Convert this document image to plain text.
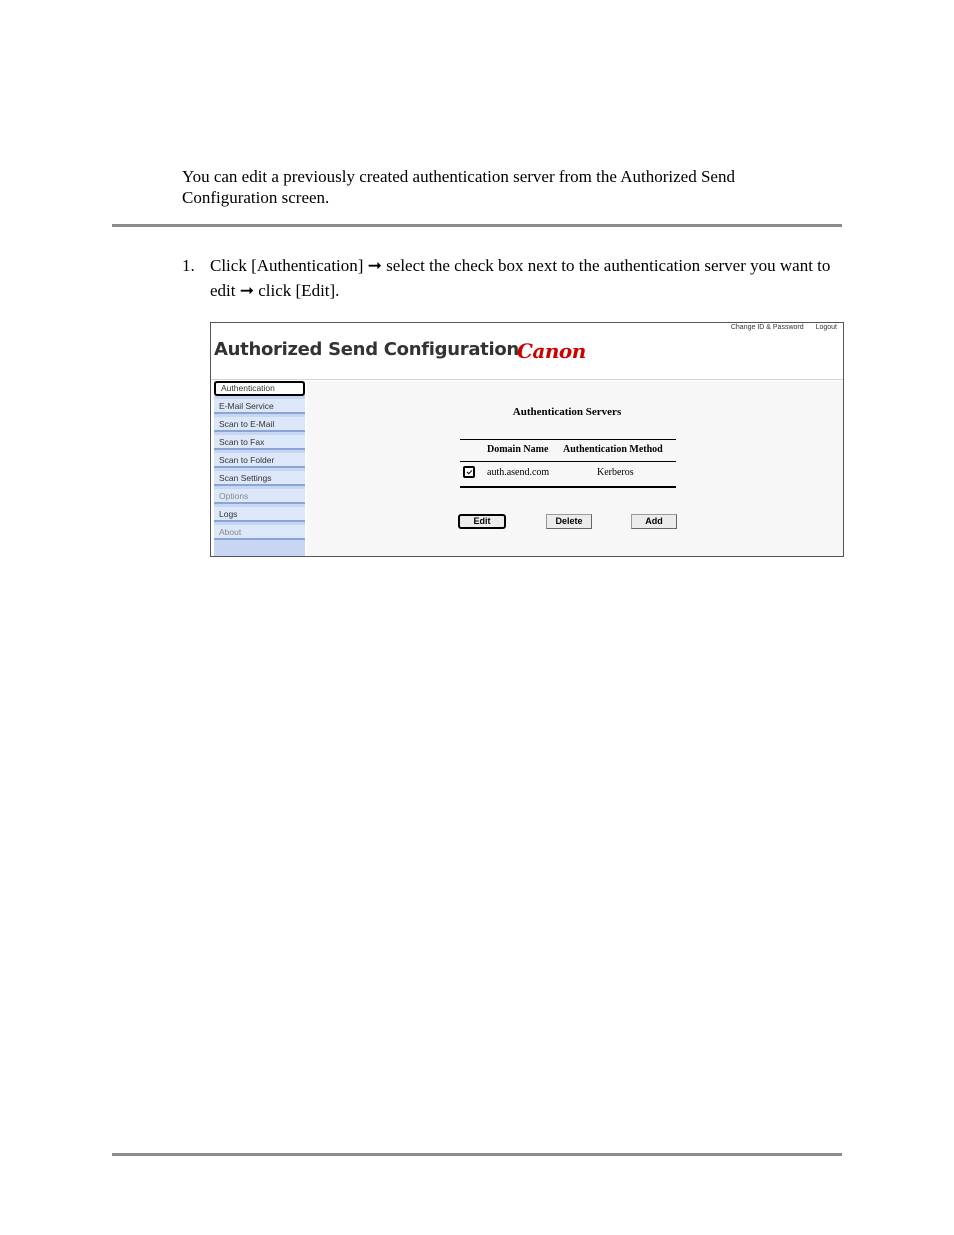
You can edit a previously created authentication server from the Authorized Send Configuration screen.

1. Click [Authentication] ➞ select the check box next to the authentication server you want to edit ➞ click [Edit].
Change ID & Password Logout
Authorized Send Configuration
Canon
Authentication
E-Mail Service
Scan to E-Mail
Scan to Fax
Scan to Folder
Scan Settings
Options
Logs
About
Authentication Servers
Domain Name Authentication Method
auth.asend.com	Kerberos
Edit	Delete	Add
